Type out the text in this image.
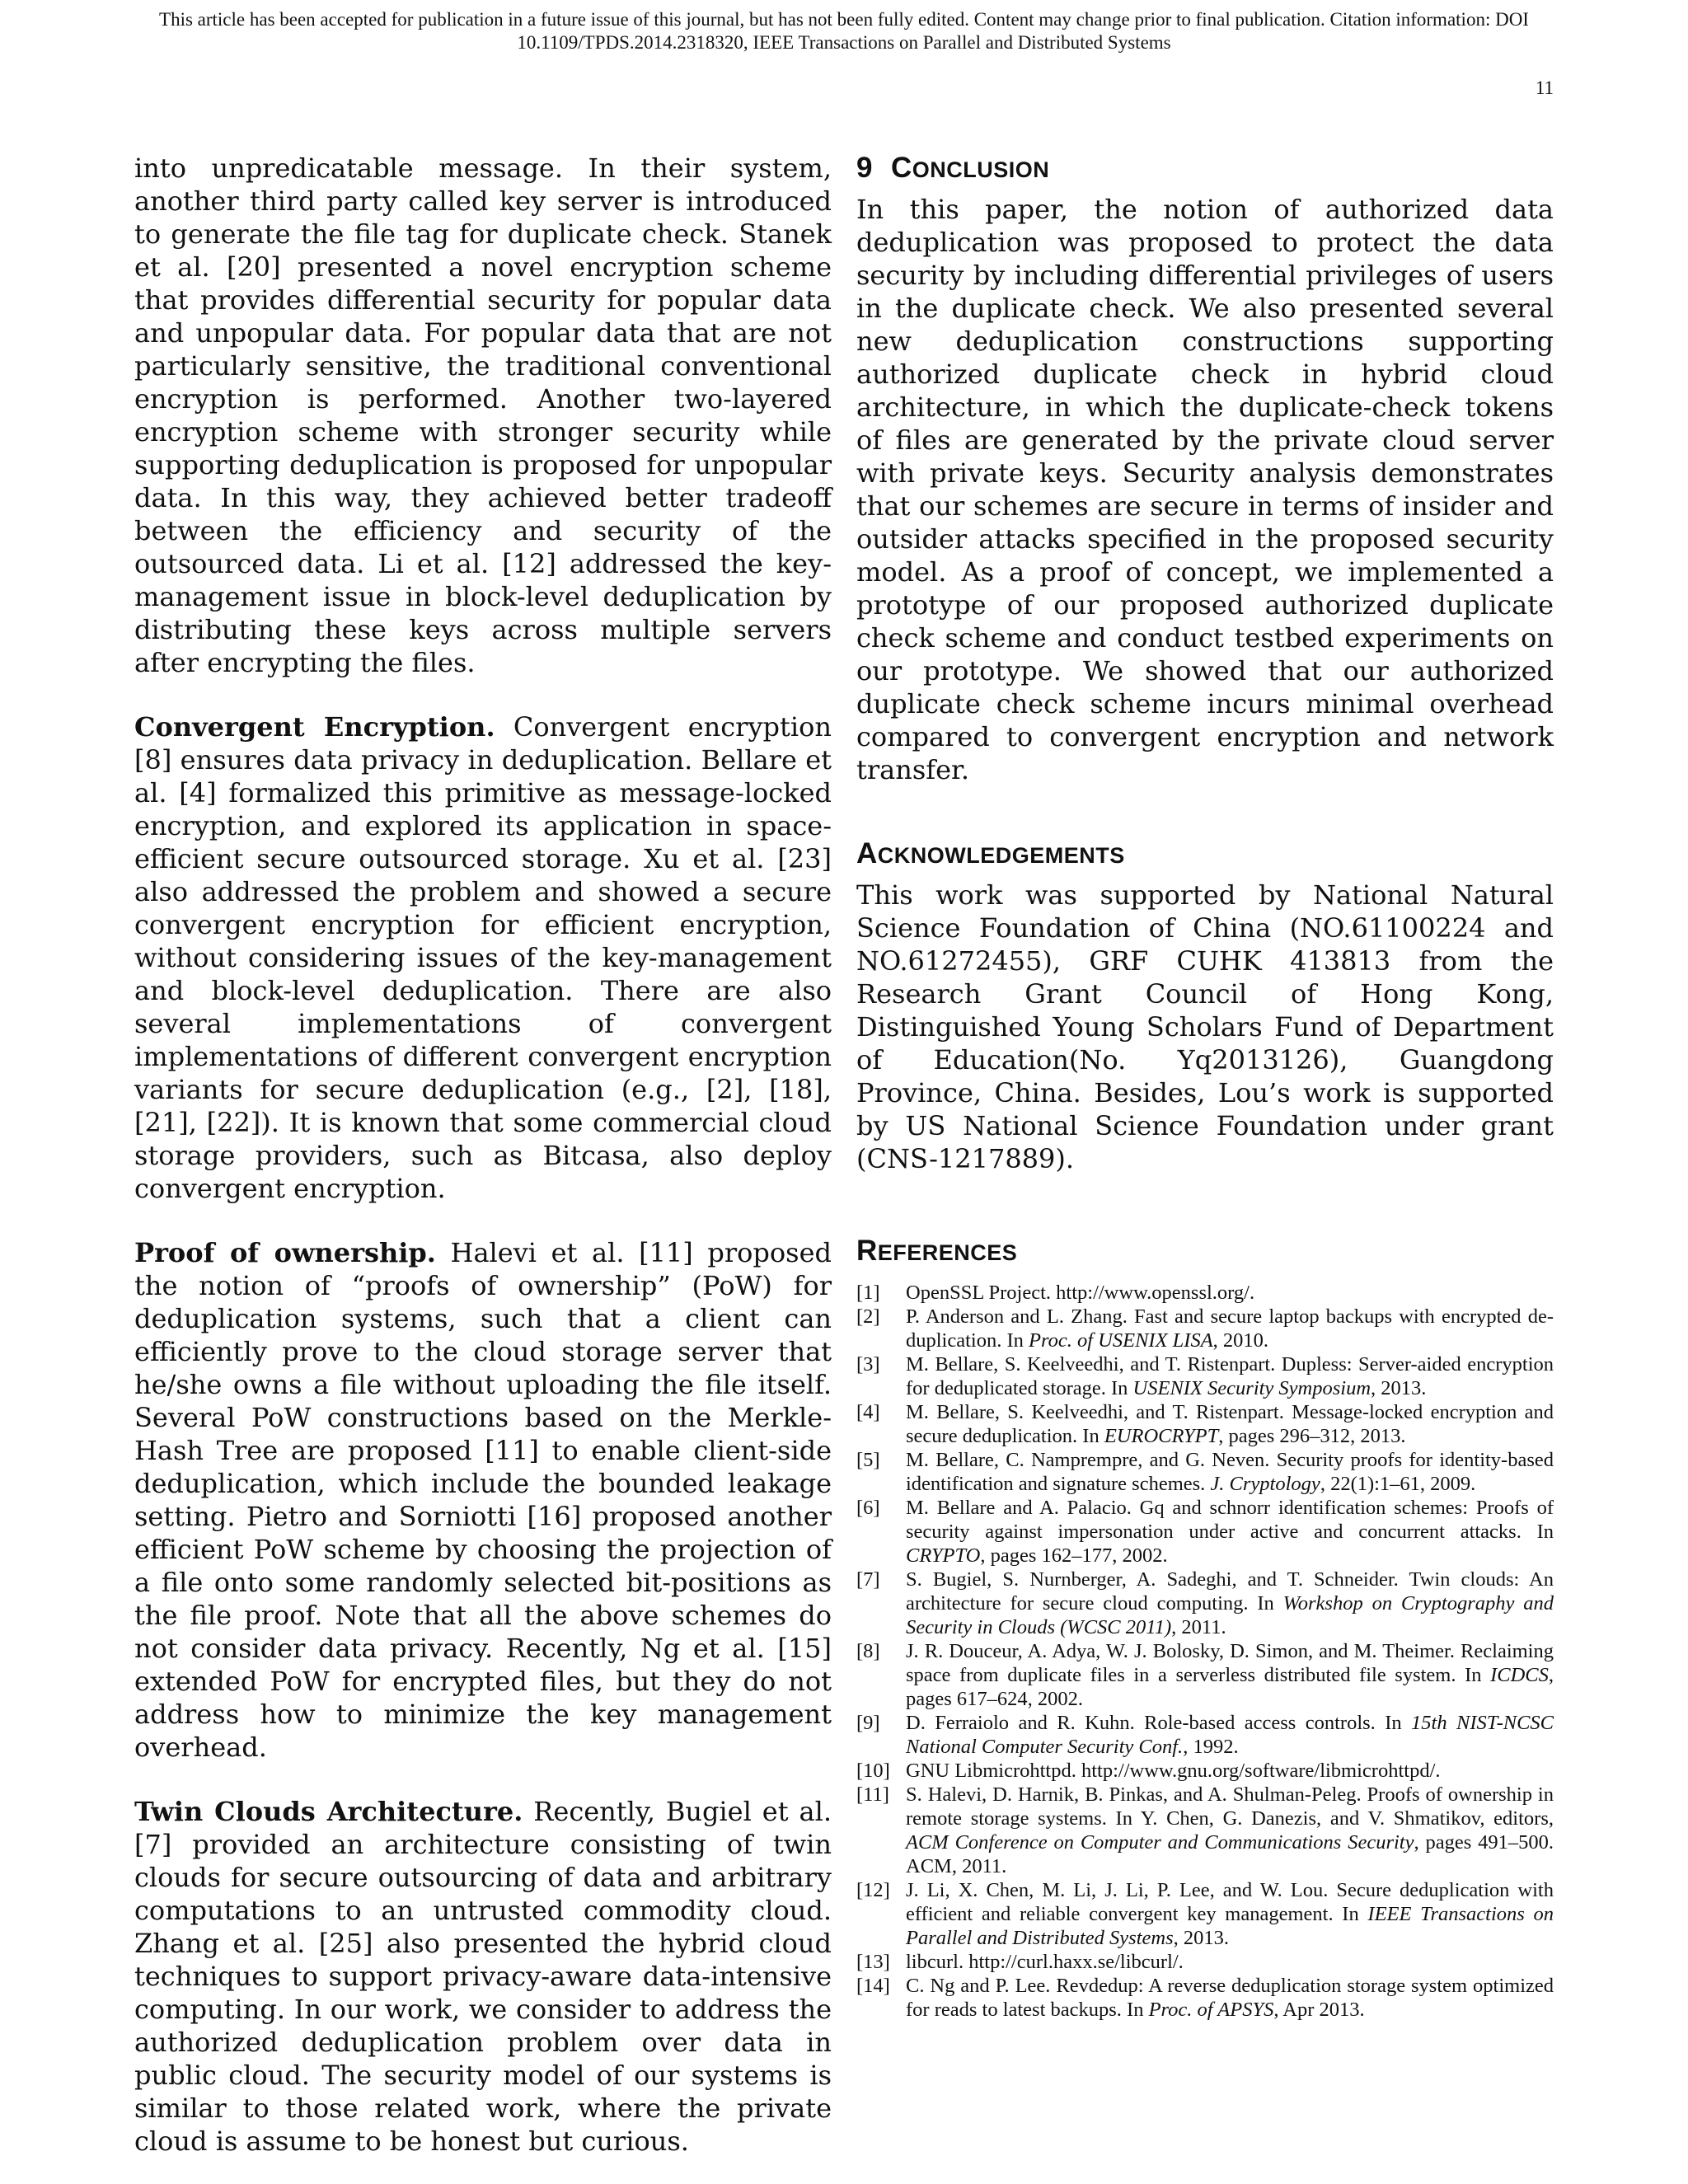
This article has been accepted for publication in a future issue of this journal, but has not been fully edited. Content may change prior to final publication. Citation information: DOI
10.1109/TPDS.2014.2318320, IEEE Transactions on Parallel and Distributed Systems
11

into unpredicatable message. In their system, another third party called key server is introduced to generate the file tag for duplicate check. Stanek et al. [20] presented a novel encryption scheme that provides differential security for popular data and unpopular data. For popular data that are not particularly sensitive, the traditional conventional encryption is performed. Another two-layered encryption scheme with stronger security while supporting deduplication is proposed for unpopular data. In this way, they achieved better tradeoff between the efficiency and security of the outsourced data. Li et al. [12] addressed the key-management issue in block-level deduplication by distributing these keys across multiple servers after encrypting the files.

Convergent Encryption. Convergent encryption [8] ensures data privacy in deduplication. Bellare et al. [4] formalized this primitive as message-locked encryption, and explored its application in space-efficient secure outsourced storage. Xu et al. [23] also addressed the problem and showed a secure convergent encryption for efficient encryption, without considering issues of the key-management and block-level deduplication. There are also several implementations of convergent implementations of different convergent encryption variants for secure deduplication (e.g., [2], [18], [21], [22]). It is known that some commercial cloud storage providers, such as Bitcasa, also deploy convergent encryption.

Proof of ownership. Halevi et al. [11] proposed the notion of “proofs of ownership” (PoW) for deduplication systems, such that a client can efficiently prove to the cloud storage server that he/she owns a file without uploading the file itself. Several PoW constructions based on the Merkle-Hash Tree are proposed [11] to enable client-side deduplication, which include the bounded leakage setting. Pietro and Sorniotti [16] proposed another efficient PoW scheme by choosing the projection of a file onto some randomly selected bit-positions as the file proof. Note that all the above schemes do not consider data privacy. Recently, Ng et al. [15] extended PoW for encrypted files, but they do not address how to minimize the key management overhead.

Twin Clouds Architecture. Recently, Bugiel et al. [7] provided an architecture consisting of twin clouds for secure outsourcing of data and arbitrary computations to an untrusted commodity cloud. Zhang et al. [25] also presented the hybrid cloud techniques to support privacy-aware data-intensive computing. In our work, we consider to address the authorized deduplication problem over data in public cloud. The security model of our systems is similar to those related work, where the private cloud is assume to be honest but curious.

9 CONCLUSION

In this paper, the notion of authorized data deduplication was proposed to protect the data security by including differential privileges of users in the duplicate check. We also presented several new deduplication constructions supporting authorized duplicate check in hybrid cloud architecture, in which the duplicate-check tokens of files are generated by the private cloud server with private keys. Security analysis demonstrates that our schemes are secure in terms of insider and outsider attacks specified in the proposed security model. As a proof of concept, we implemented a prototype of our proposed authorized duplicate check scheme and conduct testbed experiments on our prototype. We showed that our authorized duplicate check scheme incurs minimal overhead compared to convergent encryption and network transfer.

ACKNOWLEDGEMENTS

This work was supported by National Natural Science Foundation of China (NO.61100224 and NO.61272455), GRF CUHK 413813 from the Research Grant Council of Hong Kong, Distinguished Young Scholars Fund of Department of Education(No. Yq2013126), Guangdong Province, China. Besides, Lou’s work is supported by US National Science Foundation under grant (CNS-1217889).

REFERENCES
[1] OpenSSL Project. http://www.openssl.org/.
[2] P. Anderson and L. Zhang. Fast and secure laptop backups with encrypted de-duplication. In Proc. of USENIX LISA, 2010.
[3] M. Bellare, S. Keelveedhi, and T. Ristenpart. Dupless: Server-aided encryption for deduplicated storage. In USENIX Security Symposium, 2013.
[4] M. Bellare, S. Keelveedhi, and T. Ristenpart. Message-locked encryption and secure deduplication. In EUROCRYPT, pages 296–312, 2013.
[5] M. Bellare, C. Namprempre, and G. Neven. Security proofs for identity-based identification and signature schemes. J. Cryptology, 22(1):1–61, 2009.
[6] M. Bellare and A. Palacio. Gq and schnorr identification schemes: Proofs of security against impersonation under active and concurrent attacks. In CRYPTO, pages 162–177, 2002.
[7] S. Bugiel, S. Nurnberger, A. Sadeghi, and T. Schneider. Twin clouds: An architecture for secure cloud computing. In Workshop on Cryptography and Security in Clouds (WCSC 2011), 2011.
[8] J. R. Douceur, A. Adya, W. J. Bolosky, D. Simon, and M. Theimer. Reclaiming space from duplicate files in a serverless distributed file system. In ICDCS, pages 617–624, 2002.
[9] D. Ferraiolo and R. Kuhn. Role-based access controls. In 15th NIST-NCSC National Computer Security Conf., 1992.
[10] GNU Libmicrohttpd. http://www.gnu.org/software/libmicrohttpd/.
[11] S. Halevi, D. Harnik, B. Pinkas, and A. Shulman-Peleg. Proofs of ownership in remote storage systems. In Y. Chen, G. Danezis, and V. Shmatikov, editors, ACM Conference on Computer and Communications Security, pages 491–500. ACM, 2011.
[12] J. Li, X. Chen, M. Li, J. Li, P. Lee, and W. Lou. Secure deduplication with efficient and reliable convergent key management. In IEEE Transactions on Parallel and Distributed Systems, 2013.
[13] libcurl. http://curl.haxx.se/libcurl/.
[14] C. Ng and P. Lee. Revdedup: A reverse deduplication storage system optimized for reads to latest backups. In Proc. of APSYS, Apr 2013.
